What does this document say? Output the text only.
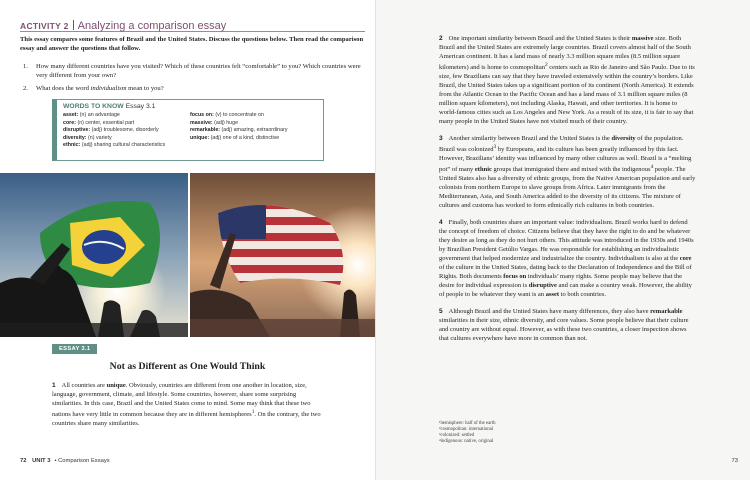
ACTIVITY 2 Analyzing a comparison essay

This essay compares some features of Brazil and the United States. Discuss the questions below. Then read the comparison essay and answer the questions that follow.

1.	How many different countries have you visited? Which of these countries felt “comfortable” to you? Which countries were very different from your own?
2.	What does the word individualism mean to you?
WORDS TO KNOW Essay 3.1
asset: (n) an advantage
core: (n) center, essential part
disruptive: (adj) troublesome, disorderly
diversity: (n) variety
ethnic: (adj) sharing cultural characteristics
focus on: (v) to concentrate on
massive: (adj) huge
remarkable: (adj) amazing, extraordinary
unique: (adj) one of a kind, distinctive
ESSAY 3.1
Not as Different as One Would Think

1 All countries are unique. Obviously, countries are different from one another in location, size, language, government, climate, and lifestyle. Some countries, however, share some surprising similarities. In this case, Brazil and the United States come to mind. Some may think that these two nations have very little in common because they are in different hemispheres$^1$. On the contrary, the two countries share many similarities.

72 UNIT 3 • Comparison Essays

2 One important similarity between Brazil and the United States is their massive size. Both Brazil and the United States are extremely large countries. Brazil covers almost half of the South American continent. It has a land mass of nearly 3.3 million square miles (8.5 million square kilometers) and is home to cosmopolitan$^2$ centers such as Rio de Janeiro and São Paulo. Due to its size, few Brazilians can say that they have traveled extensively within the country’s borders. Like Brazil, the United States takes up a significant portion of its continent (North America). It extends from the Atlantic Ocean to the Pacific Ocean and has a land mass of 3.1 million square miles (8 million square kilometers), not including Alaska, Hawaii, and other territories. It is home to world-famous cities such as Los Angeles and New York. As a result of its size, it is fair to say that many people in the United States have not visited much of their country.

3 Another similarity between Brazil and the United States is the diversity of the population. Brazil was colonized$^3$ by Europeans, and its culture has been greatly influenced by this fact. However, Brazilians’ identity was influenced by many other cultures as well. Brazil is a “melting pot” of many ethnic groups that immigrated there and mixed with the indigenous$^4$ people. The United States also has a diversity of ethnic groups, from the Native American population and early colonists from northern Europe to slave groups from Africa. Later immigrants from the Mediterranean, Asia, and South America added to the diversity of its citizens. The mixture of cultures and customs has worked to form ethnically rich cultures in both countries.

4 Finally, both countries share an important value: individualism. Brazil works hard to defend the concept of freedom of choice. Citizens believe that they have the right to do and be whatever they desire as long as they do not hurt others. This attitude was introduced in the 1930s and 1940s by Brazilian President Getúlio Vargas. He was responsible for establishing an individualistic government that helped modernize and industrialize the country. Individualism is also at the core of the culture in the United States, dating back to the Declaration of Independence and the Bill of Rights. Both documents focus on individuals’ many rights. Some people may believe that the desire for individual expression is disruptive and can make a country weak. However, the ability of people to be whatever they want is an asset to both countries.

5 Although Brazil and the United States have many differences, they also have remarkable similarities in their size, ethnic diversity, and core values. Some people believe that their culture and country are without equal. However, as with these two countries, a closer inspection shows that cultures everywhere have more in common than not.

¹hemisphere: half of the earth
²cosmopolitan: international
³colonized: settled
⁴indigenous: native, original
73
